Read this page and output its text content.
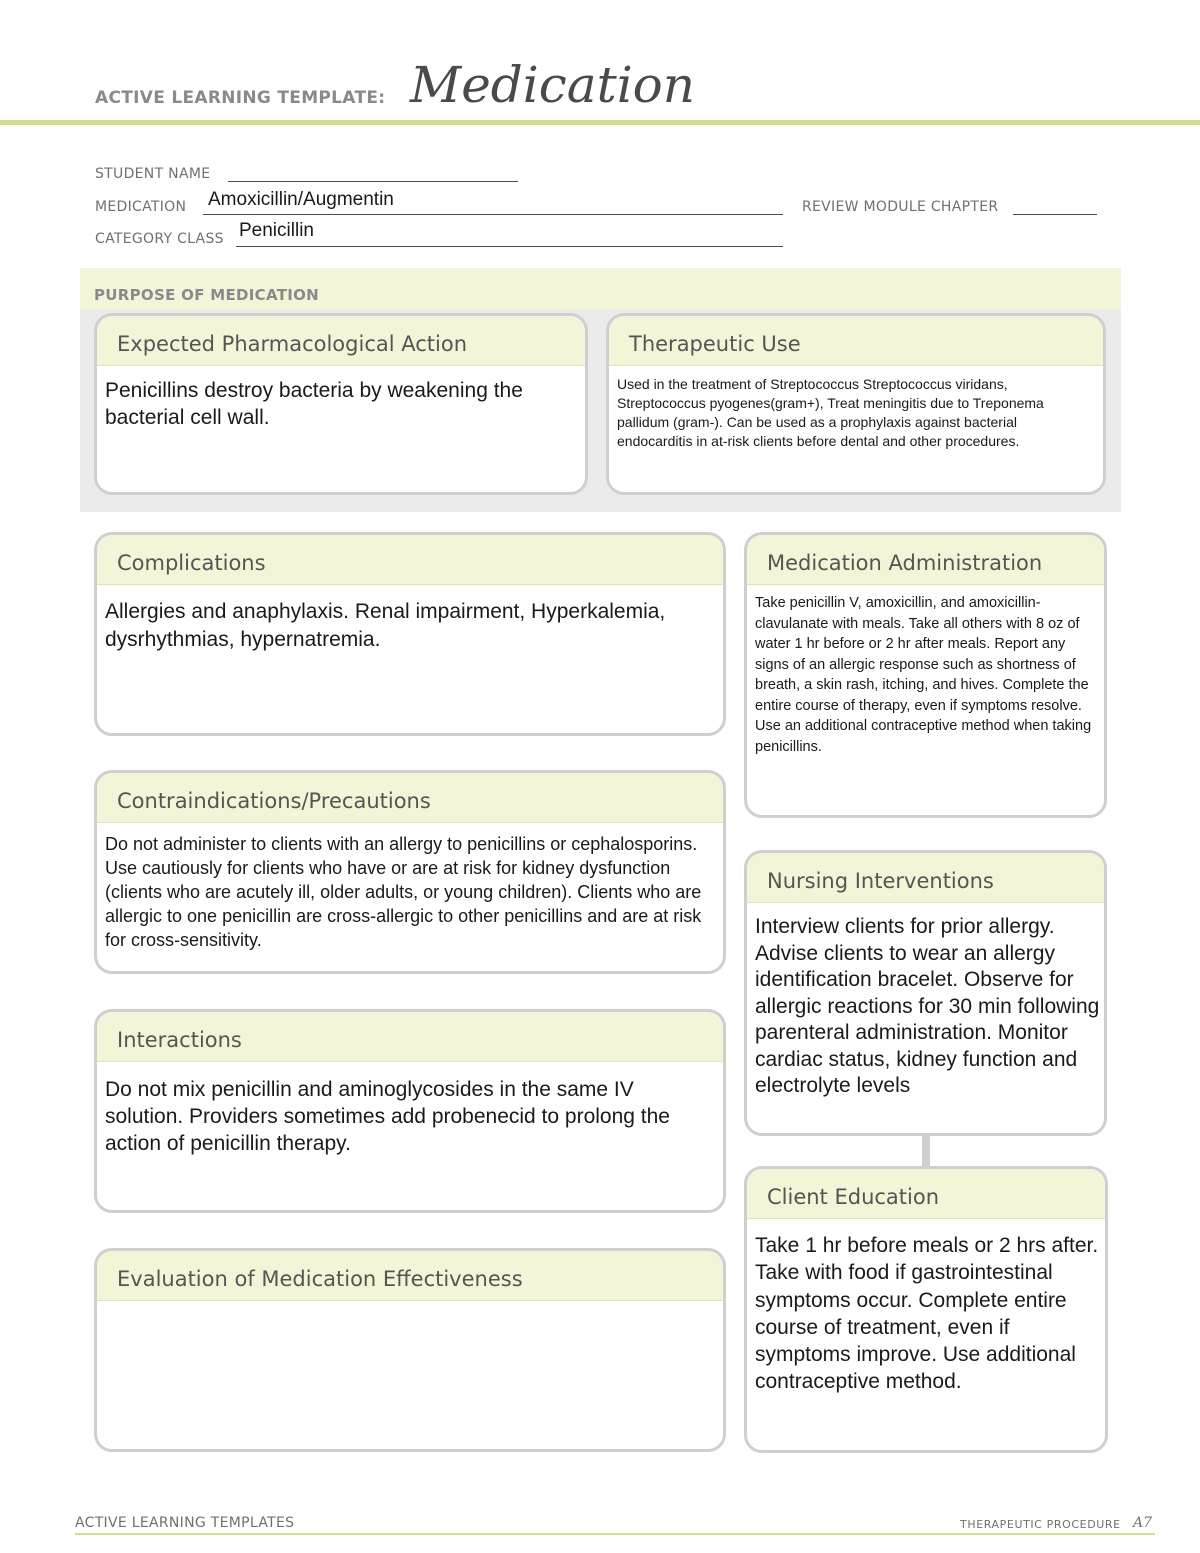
ACTIVE LEARNING TEMPLATE: Medication
STUDENT NAME
MEDICATION Amoxicillin/Augmentin	REVIEW MODULE CHAPTER
CATEGORY CLASS Penicillin
PURPOSE OF MEDICATION
Expected Pharmacological Action
Penicillins destroy bacteria by weakening the bacterial cell wall.
Therapeutic Use
Used in the treatment of Streptococcus Streptococcus viridans, Streptococcus pyogenes(gram+), Treat meningitis due to Treponema pallidum (gram-). Can be used as a prophylaxis against bacterial endocarditis in at-risk clients before dental and other procedures.
Complications
Allergies and anaphylaxis. Renal impairment, Hyperkalemia, dysrhythmias, hypernatremia.
Contraindications/Precautions
Do not administer to clients with an allergy to penicillins or cephalosporins. Use cautiously for clients who have or are at risk for kidney dysfunction (clients who are acutely ill, older adults, or young children). Clients who are allergic to one penicillin are cross-allergic to other penicillins and are at risk for cross-sensitivity.
Interactions
Do not mix penicillin and aminoglycosides in the same IV solution. Providers sometimes add probenecid to prolong the action of penicillin therapy.
Evaluation of Medication Effectiveness
Medication Administration
Take penicillin V, amoxicillin, and amoxicillin-clavulanate with meals. Take all others with 8 oz of water 1 hr before or 2 hr after meals. Report any signs of an allergic response such as shortness of breath, a skin rash, itching, and hives. Complete the entire course of therapy, even if symptoms resolve. Use an additional contraceptive method when taking penicillins.
Nursing Interventions
Interview clients for prior allergy. Advise clients to wear an allergy identification bracelet. Observe for allergic reactions for 30 min following parenteral administration. Monitor cardiac status, kidney function and electrolyte levels
Client Education
Take 1 hr before meals or 2 hrs after. Take with food if gastrointestinal symptoms occur. Complete entire course of treatment, even if symptoms improve. Use additional contraceptive method.
ACTIVE LEARNING TEMPLATES	THERAPEUTIC PROCEDURE A7
